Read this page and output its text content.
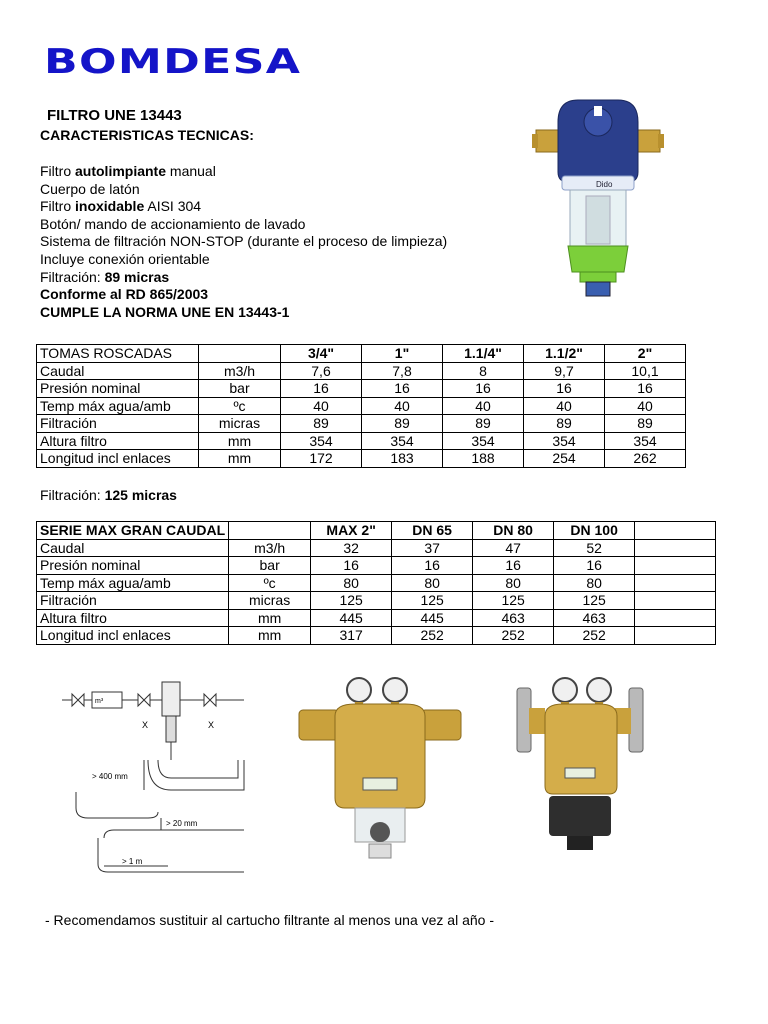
BOMDESA
FILTRO UNE 13443
CARACTERISTICAS TECNICAS:
Filtro autolimpiante manual
Cuerpo de latón
Filtro inoxidable AISI 304
Botón/ mando de accionamiento de lavado
Sistema de filtración NON-STOP (durante el proceso de limpieza)
Incluye conexión orientable
Filtración: 89 micras
Conforme al RD 865/2003
CUMPLE LA NORMA UNE EN 13443-1
Dido
TOMAS ROSCADAS		3/4"	1"	1.1/4"	1.1/2"	2"
Caudal	m3/h	7,6	7,8	8	9,7	10,1
Presión nominal	bar	16	16	16	16	16
Temp máx agua/amb	ºc	40	40	40	40	40
Filtración	micras	89	89	89	89	89
Altura filtro	mm	354	354	354	354	354
Longitud incl enlaces	mm	172	183	188	254	262
Filtración: 125 micras
SERIE MAX GRAN CAUDAL		MAX 2"	DN 65	DN 80	DN 100	
Caudal	m3/h	32	37	47	52	
Presión nominal	bar	16	16	16	16	
Temp máx agua/amb	ºc	80	80	80	80	
Filtración	micras	125	125	125	125	
Altura filtro	mm	445	445	463	463	
Longitud incl enlaces	mm	317	252	252	252	
m³
X	X
> 400 mm
> 20 mm
> 1 m
- Recomendamos sustituir al cartucho filtrante al menos una vez al año -
